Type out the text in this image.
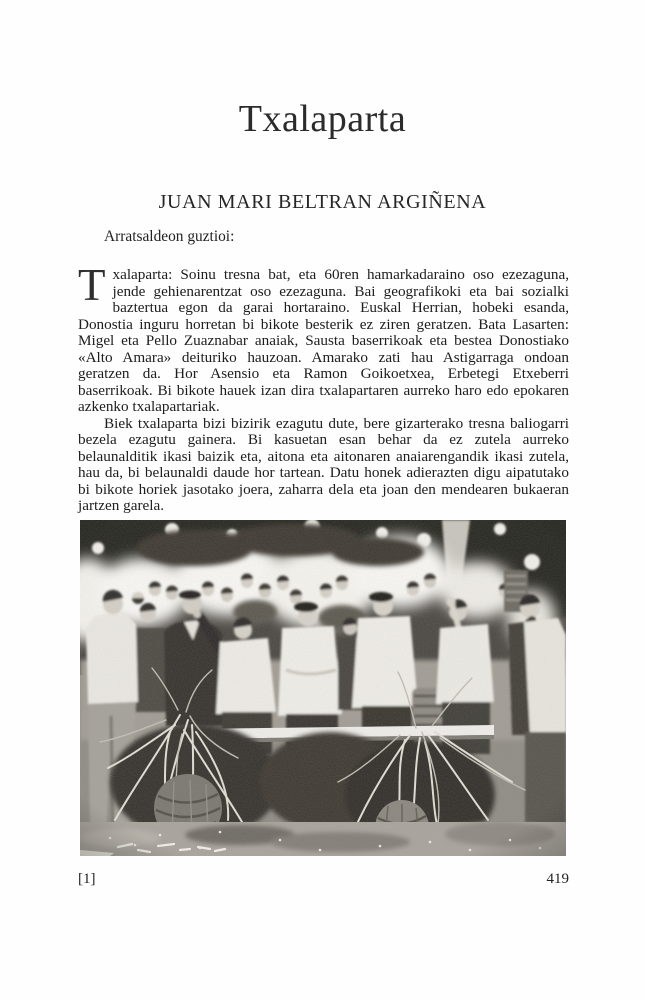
Txalaparta
JUAN MARI BELTRAN ARGIÑENA

Arratsaldeon guztioi:

Txalaparta: Soinu tresna bat, eta 60ren hamarkadaraino oso ezezaguna, jende gehienarentzat oso ezezaguna. Bai geografikoki eta bai sozialki baztertua egon da garai hortaraino. Euskal Herrian, hobeki esanda, Donostia inguru horretan bi bikote besterik ez ziren geratzen. Bata Lasarten: Migel eta Pello Zuaznabar anaiak, Sausta baserrikoak eta bestea Donostiako «Alto Amara» deituriko hauzoan. Amarako zati hau Astigarraga ondoan geratzen da. Hor Asensio eta Ramon Goikoetxea, Erbetegi Etxeberri baserrikoak. Bi bikote hauek izan dira txalapartaren aurreko haro edo epokaren azkenko txalapartariak.

Biek txalaparta bizi bizirik ezagutu dute, bere gizarterako tresna baliogarri bezela ezagutu gainera. Bi kasuetan esan behar da ez zutela aurreko belaunalditik ikasi baizik eta, aitona eta aitonaren anaiarengandik ikasi zutela, hau da, bi belaunaldi daude hor tartean. Datu honek adierazten digu aipatutako bi bikote horiek jasotako joera, zaharra dela eta joan den mendearen bukaeran jartzen garela.

[1]	419
